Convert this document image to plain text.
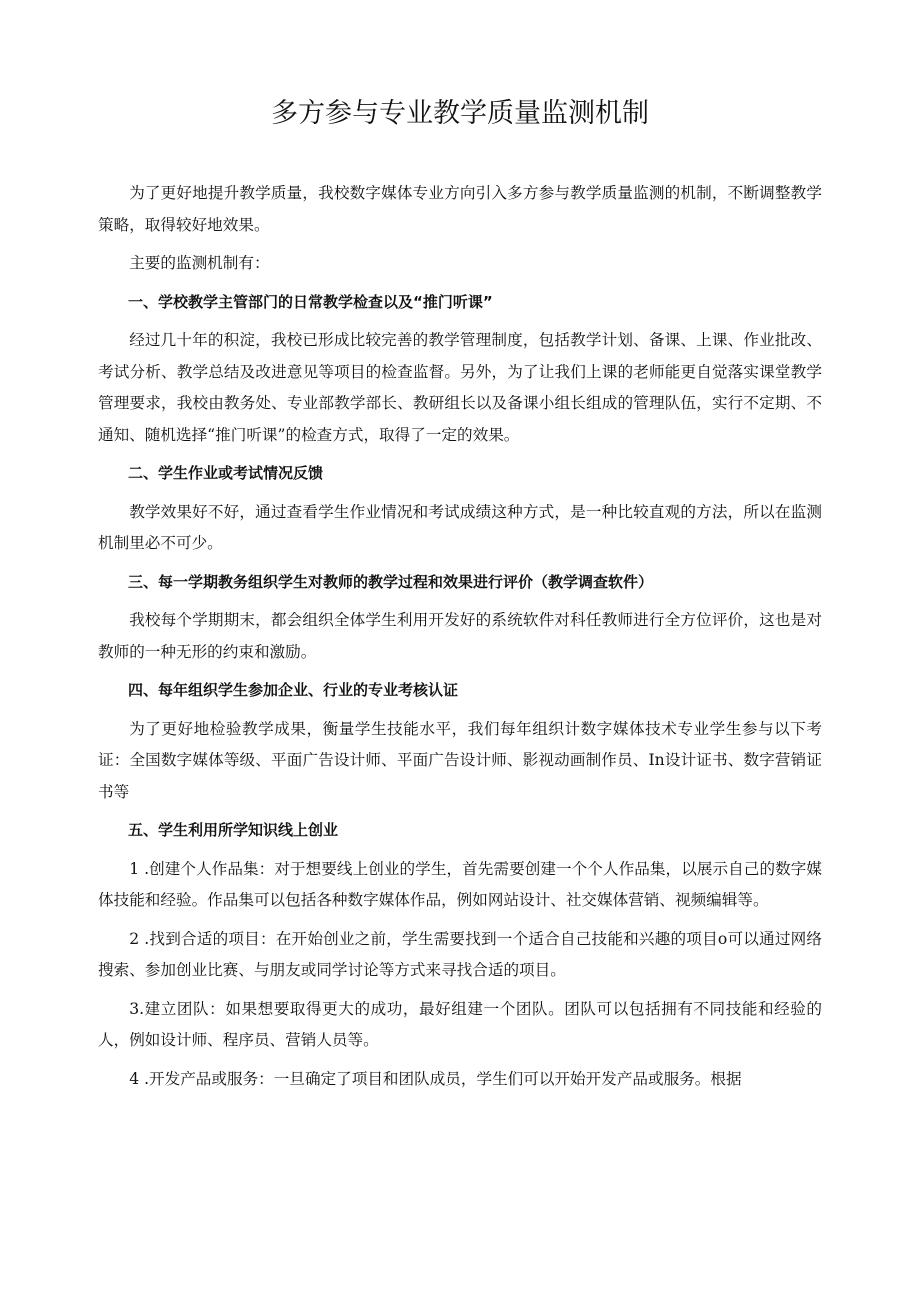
多方参与专业教学质量监测机制

为了更好地提升教学质量，我校数字媒体专业方向引入多方参与教学质量监测的机制，不断调整教学策略，取得较好地效果。

主要的监测机制有：

一、学校教学主管部门的日常教学检查以及“推门听课”

经过几十年的积淀，我校已形成比较完善的教学管理制度，包括教学计划、备课、上课、作业批改、考试分析、教学总结及改进意见等项目的检查监督。另外，为了让我们上课的老师能更自觉落实课堂教学管理要求，我校由教务处、专业部教学部长、教研组长以及备课小组长组成的管理队伍，实行不定期、不通知、随机选择“推门听课”的检查方式，取得了一定的效果。

二、学生作业或考试情况反馈

教学效果好不好，通过查看学生作业情况和考试成绩这种方式，是一种比较直观的方法，所以在监测机制里必不可少。

三、每一学期教务组织学生对教师的教学过程和效果进行评价（教学调查软件）

我校每个学期期末，都会组织全体学生利用开发好的系统软件对科任教师进行全方位评价，这也是对教师的一种无形的约束和激励。

四、每年组织学生参加企业、行业的专业考核认证

为了更好地检验教学成果，衡量学生技能水平，我们每年组织计数字媒体技术专业学生参与以下考证：全国数字媒体等级、平面广告设计师、平面广告设计师、影视动画制作员、In设计证书、数字营销证书等

五、学生利用所学知识线上创业

1 .创建个人作品集：对于想要线上创业的学生，首先需要创建一个个人作品集，以展示自己的数字媒体技能和经验。作品集可以包括各种数字媒体作品，例如网站设计、社交媒体营销、视频编辑等。

2 .找到合适的项目：在开始创业之前，学生需要找到一个适合自己技能和兴趣的项目o可以通过网络搜索、参加创业比赛、与朋友或同学讨论等方式来寻找合适的项目。

3.建立团队：如果想要取得更大的成功，最好组建一个团队。团队可以包括拥有不同技能和经验的人，例如设计师、程序员、营销人员等。

4 .开发产品或服务：一旦确定了项目和团队成员，学生们可以开始开发产品或服务。根据
